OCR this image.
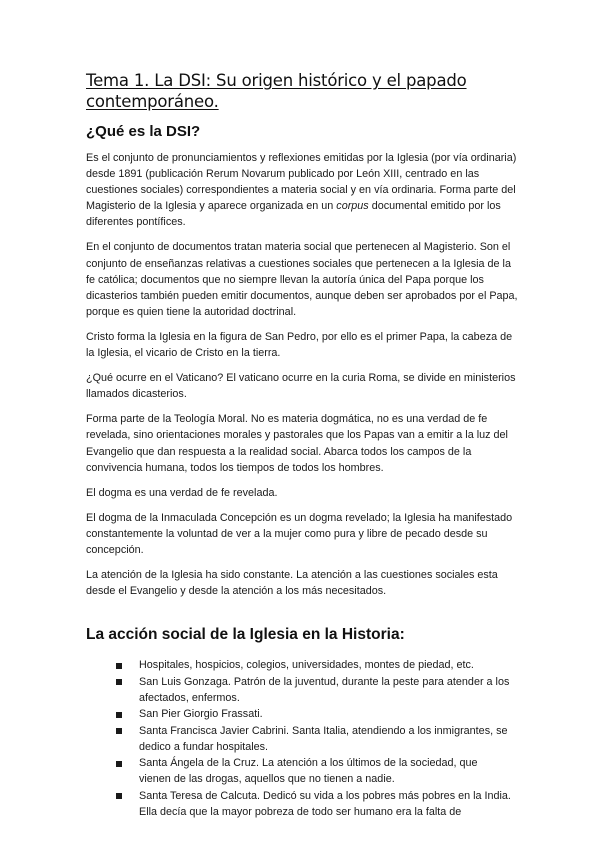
Tema 1. La DSI: Su origen histórico y el papado contemporáneo.
¿Qué es la DSI?

Es el conjunto de pronunciamientos y reflexiones emitidas por la Iglesia (por vía ordinaria) desde 1891 (publicación Rerum Novarum publicado por León XIII, centrado en las cuestiones sociales) correspondientes a materia social y en vía ordinaria. Forma parte del Magisterio de la Iglesia y aparece organizada en un corpus documental emitido por los diferentes pontífices.

En el conjunto de documentos tratan materia social que pertenecen al Magisterio. Son el conjunto de enseñanzas relativas a cuestiones sociales que pertenecen a la Iglesia de la fe católica; documentos que no siempre llevan la autoría única del Papa porque los dicasterios también pueden emitir documentos, aunque deben ser aprobados por el Papa, porque es quien tiene la autoridad doctrinal.

Cristo forma la Iglesia en la figura de San Pedro, por ello es el primer Papa, la cabeza de la Iglesia, el vicario de Cristo en la tierra.

¿Qué ocurre en el Vaticano? El vaticano ocurre en la curia Roma, se divide en ministerios llamados dicasterios.

Forma parte de la Teología Moral. No es materia dogmática, no es una verdad de fe revelada, sino orientaciones morales y pastorales que los Papas van a emitir a la luz del Evangelio que dan respuesta a la realidad social. Abarca todos los campos de la convivencia humana, todos los tiempos de todos los hombres.

El dogma es una verdad de fe revelada.

El dogma de la Inmaculada Concepción es un dogma revelado; la Iglesia ha manifestado constantemente la voluntad de ver a la mujer como pura y libre de pecado desde su concepción.

La atención de la Iglesia ha sido constante. La atención a las cuestiones sociales esta desde el Evangelio y desde la atención a los más necesitados.

La acción social de la Iglesia en la Historia:
Hospitales, hospicios, colegios, universidades, montes de piedad, etc.
San Luis Gonzaga. Patrón de la juventud, durante la peste para atender a los afectados, enfermos.
San Pier Giorgio Frassati.
Santa Francisca Javier Cabrini. Santa Italia, atendiendo a los inmigrantes, se dedico a fundar hospitales.
Santa Ángela de la Cruz. La atención a los últimos de la sociedad, que vienen de las drogas, aquellos que no tienen a nadie.
Santa Teresa de Calcuta. Dedicó su vida a los pobres más pobres en la India. Ella decía que la mayor pobreza de todo ser humano era la falta de
